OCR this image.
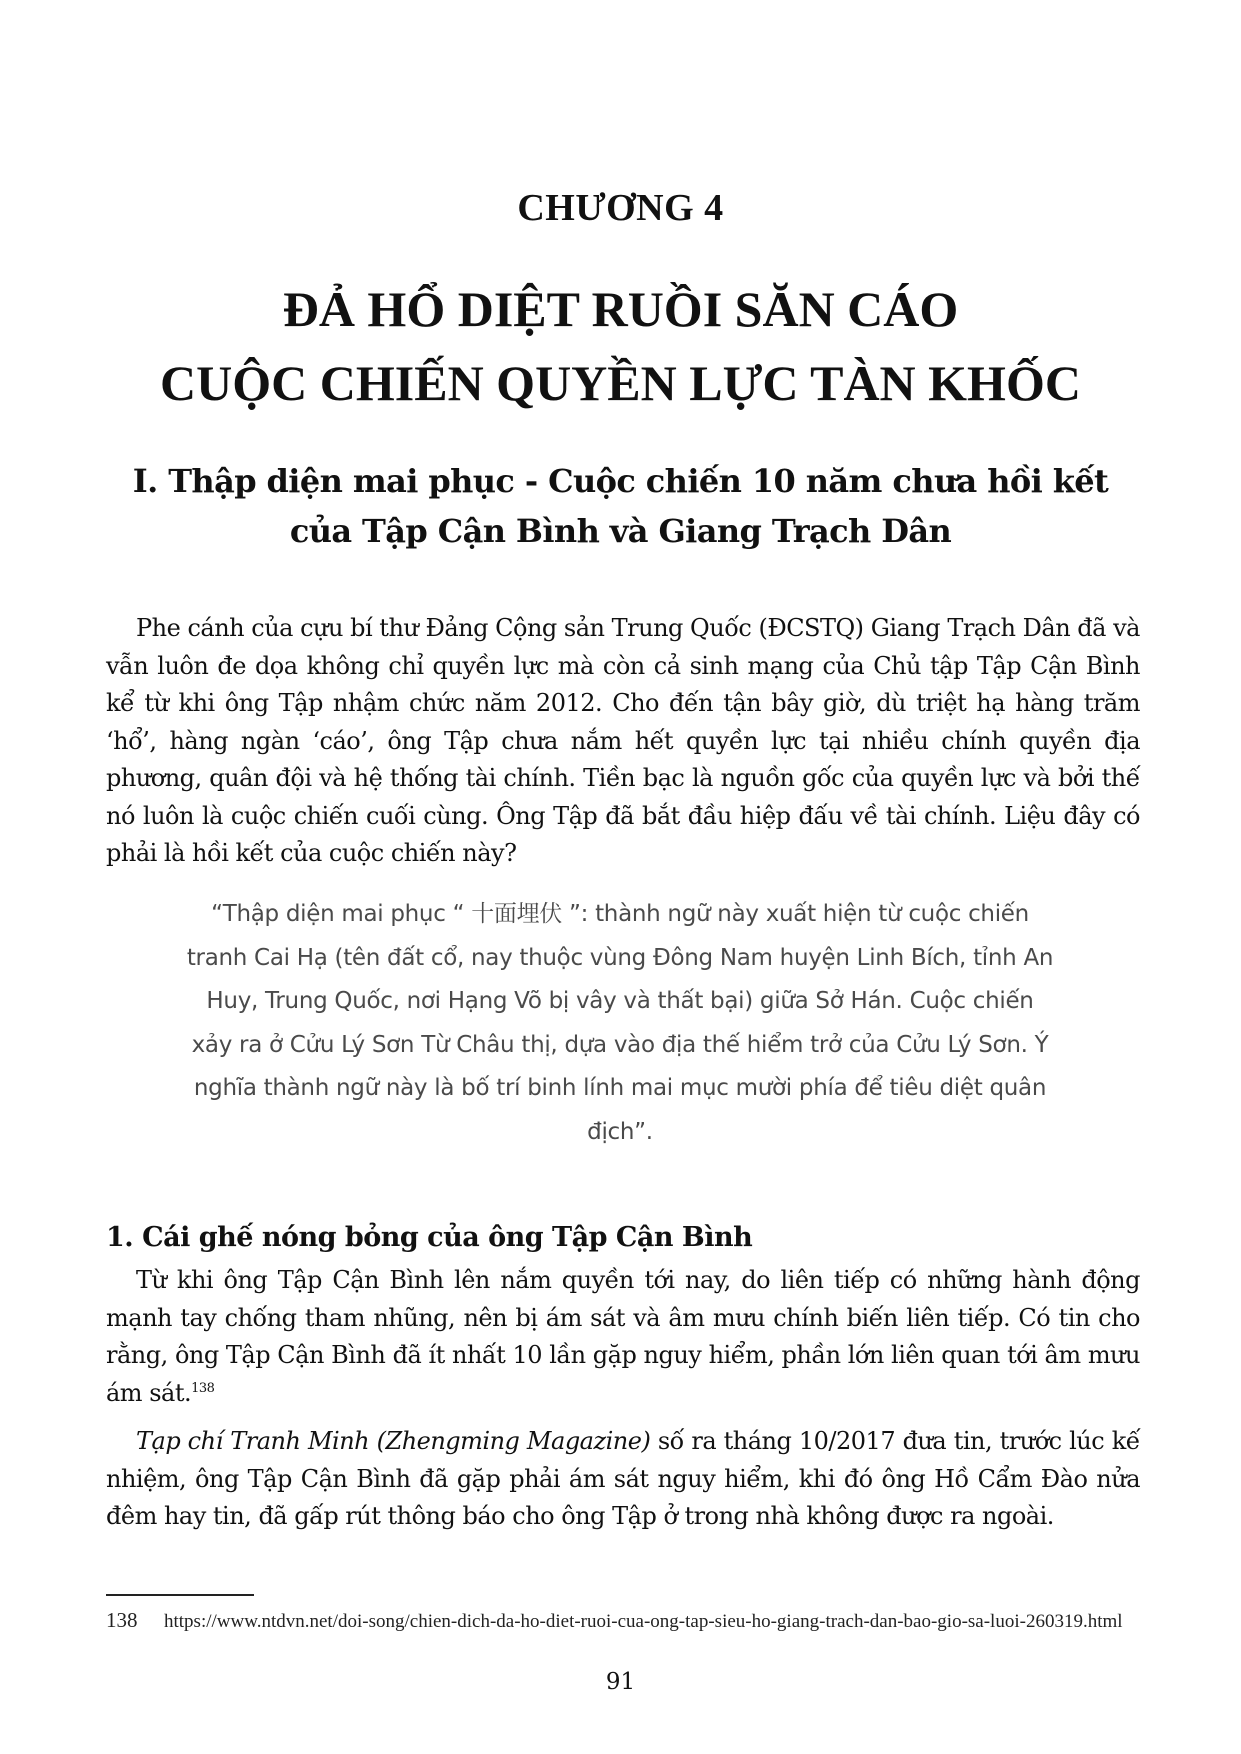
CHƯƠNG 4
ĐẢ HỔ DIỆT RUỒI SĂN CÁO
CUỘC CHIẾN QUYỀN LỰC TÀN KHỐC
I. Thập diện mai phục - Cuộc chiến 10 năm chưa hồi kết
của Tập Cận Bình và Giang Trạch Dân

Phe cánh của cựu bí thư Đảng Cộng sản Trung Quốc (ĐCSTQ) Giang Trạch Dân đã và vẫn luôn đe dọa không chỉ quyền lực mà còn cả sinh mạng của Chủ tập Tập Cận Bình kể từ khi ông Tập nhậm chức năm 2012. Cho đến tận bây giờ, dù triệt hạ hàng trăm ‘hổ’, hàng ngàn ‘cáo’, ông Tập chưa nắm hết quyền lực tại nhiều chính quyền địa phương, quân đội và hệ thống tài chính. Tiền bạc là nguồn gốc của quyền lực và bởi thế nó luôn là cuộc chiến cuối cùng. Ông Tập đã bắt đầu hiệp đấu về tài chính. Liệu đây có phải là hồi kết của cuộc chiến này?

“Thập diện mai phục “ 十面埋伏 ”: thành ngữ này xuất hiện từ cuộc chiến tranh Cai Hạ (tên đất cổ, nay thuộc vùng Đông Nam huyện Linh Bích, tỉnh An Huy, Trung Quốc, nơi Hạng Võ bị vây và thất bại) giữa Sở Hán. Cuộc chiến xảy ra ở Cửu Lý Sơn Từ Châu thị, dựa vào địa thế hiểm trở của Cửu Lý Sơn. Ý nghĩa thành ngữ này là bố trí binh lính mai mục mười phía để tiêu diệt quân địch”.

1. Cái ghế nóng bỏng của ông Tập Cận Bình

Từ khi ông Tập Cận Bình lên nắm quyền tới nay, do liên tiếp có những hành động mạnh tay chống tham nhũng, nên bị ám sát và âm mưu chính biến liên tiếp. Có tin cho rằng, ông Tập Cận Bình đã ít nhất 10 lần gặp nguy hiểm, phần lớn liên quan tới âm mưu ám sát.$^{138}$

Tạp chí Tranh Minh (Zhengming Magazine) số ra tháng 10/2017 đưa tin, trước lúc kế nhiệm, ông Tập Cận Bình đã gặp phải ám sát nguy hiểm, khi đó ông Hồ Cẩm Đào nửa đêm hay tin, đã gấp rút thông báo cho ông Tập ở trong nhà không được ra ngoài.

138 https://www.ntdvn.net/doi-song/chien-dich-da-ho-diet-ruoi-cua-ong-tap-sieu-ho-giang-trach-dan-bao-gio-sa-luoi-260319.html
91
